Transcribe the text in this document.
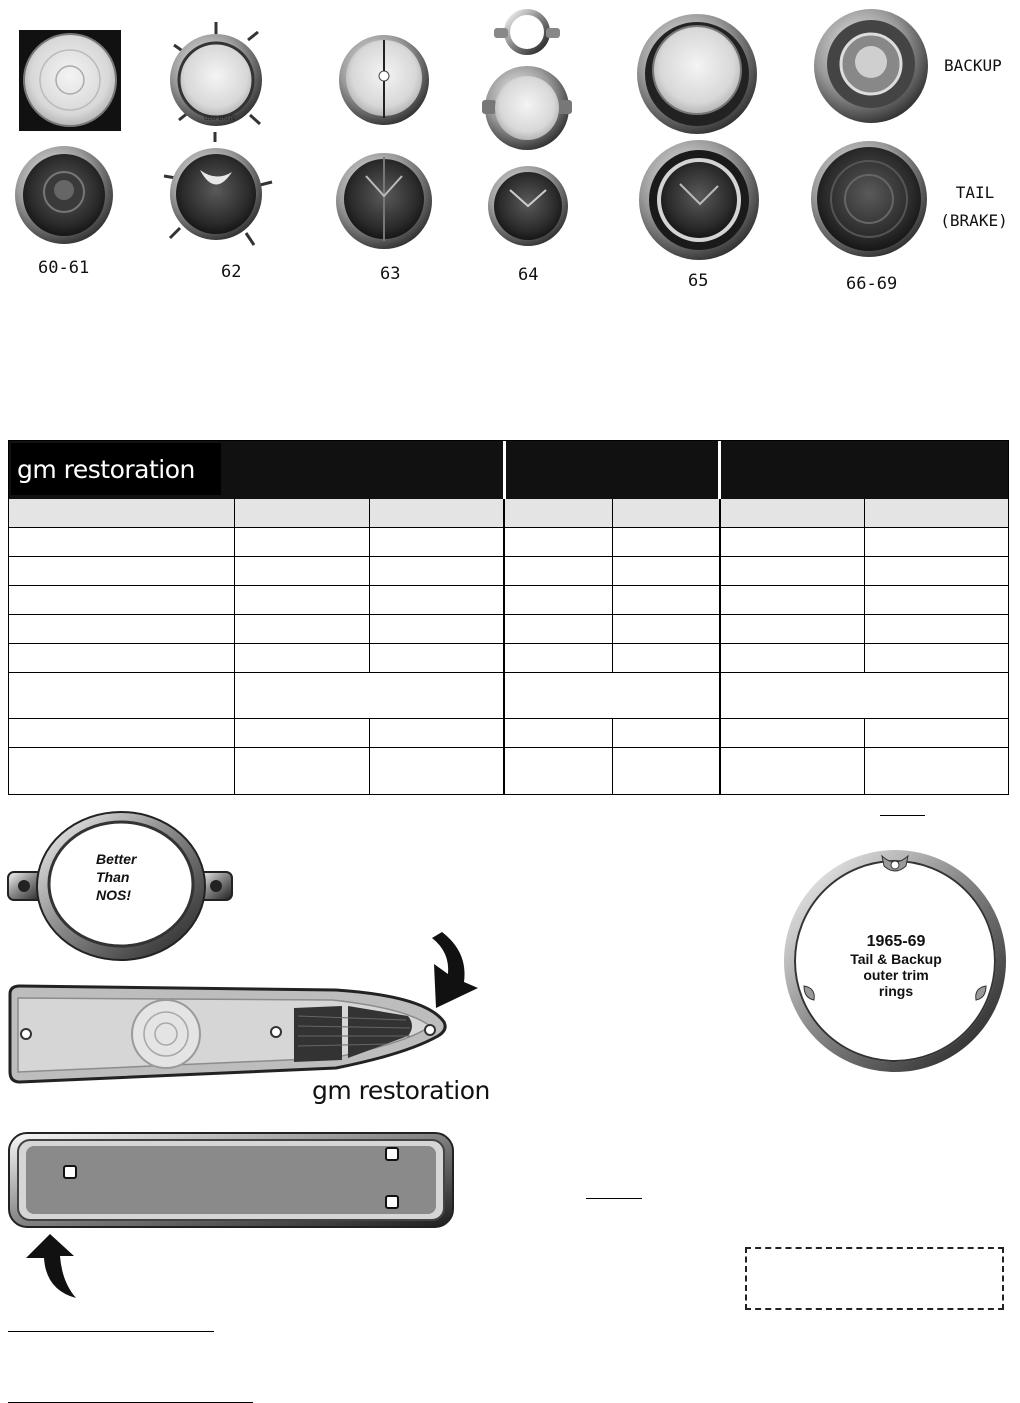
GLO BRITE
60-61	62	63	64	65	66-69
BACKUP
TAIL
(BRAKE)
gm restoration
Better
Than
NOS!
gm restoration
1965-69
Tail & Backup
outer trim
rings
